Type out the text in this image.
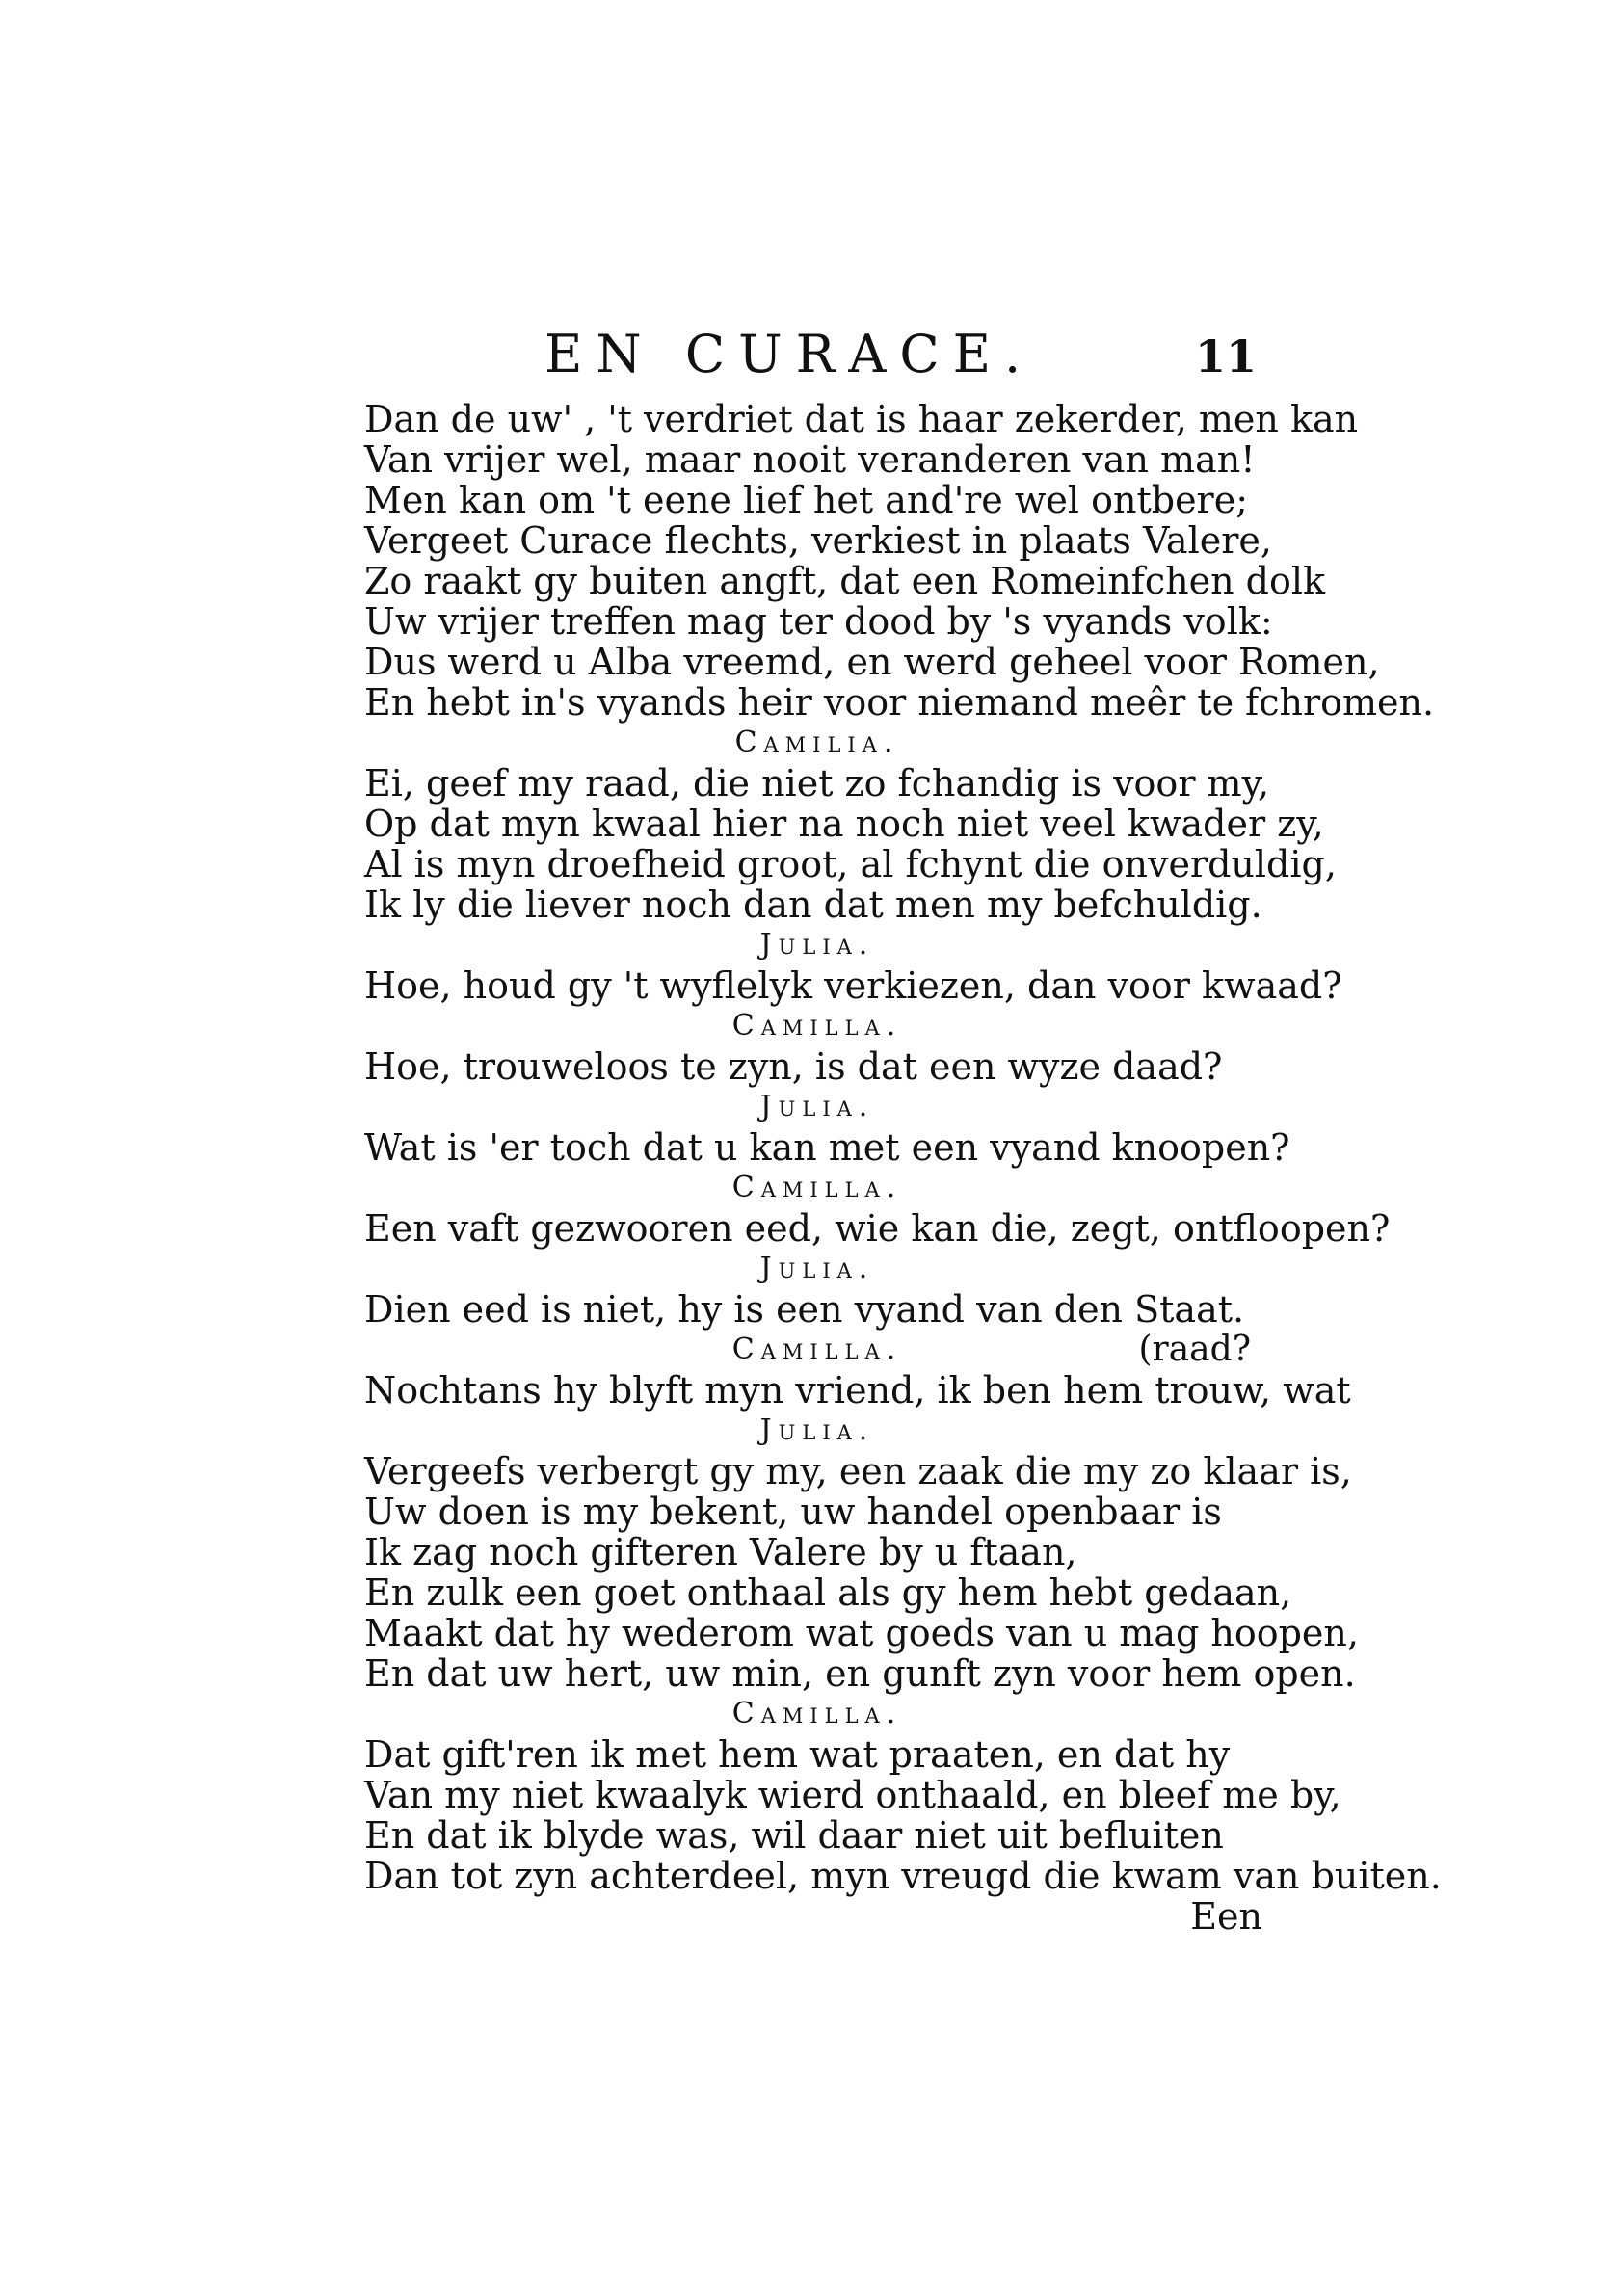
EN CURACE.	11
Dan de uw' , 't verdriet dat is haar zekerder, men kan
Van vrijer wel, maar nooit veranderen van man!
Men kan om 't eene lief het and're wel ontbere;
Vergeet Curace flechts, verkiest in plaats Valere,
Zo raakt gy buiten angft, dat een Romeinfchen dolk
Uw vrijer treffen mag ter dood by 's vyands volk:
Dus werd u Alba vreemd, en werd geheel voor Romen,
En hebt in's vyands heir voor niemand meêr te fchromen.
Camilia.
Ei, geef my raad, die niet zo fchandig is voor my,
Op dat myn kwaal hier na noch niet veel kwader zy,
Al is myn droefheid groot, al fchynt die onverduldig,
Ik ly die liever noch dan dat men my befchuldig.
Julia.
Hoe, houd gy 't wyflelyk verkiezen, dan voor kwaad?
Camilla.
Hoe, trouweloos te zyn, is dat een wyze daad?
Julia.
Wat is 'er toch dat u kan met een vyand knoopen?
Camilla.
Een vaft gezwooren eed, wie kan die, zegt, ontfloopen?
Julia.
Dien eed is niet, hy is een vyand van den Staat.
Camilla.	(raad?
Nochtans hy blyft myn vriend, ik ben hem trouw, wat
Julia.
Vergeefs verbergt gy my, een zaak die my zo klaar is,
Uw doen is my bekent, uw handel openbaar is
Ik zag noch gifteren Valere by u ftaan,
En zulk een goet onthaal als gy hem hebt gedaan,
Maakt dat hy wederom wat goeds van u mag hoopen,
En dat uw hert, uw min, en gunft zyn voor hem open.
Camilla.
Dat gift'ren ik met hem wat praaten, en dat hy
Van my niet kwaalyk wierd onthaald, en bleef me by,
En dat ik blyde was, wil daar niet uit befluiten
Dan tot zyn achterdeel, myn vreugd die kwam van buiten.
Een
